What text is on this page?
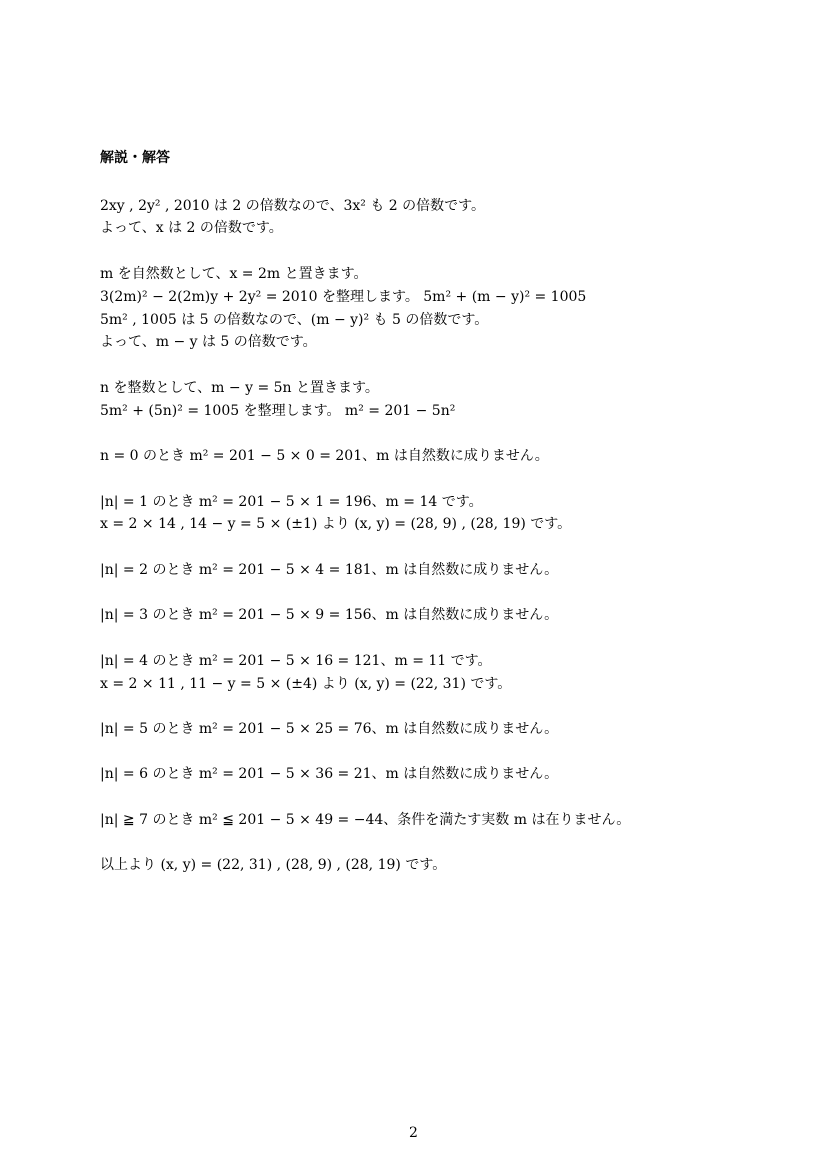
解説・解答
2xy , 2y² , 2010 は 2 の倍数なので、3x² も 2 の倍数です。
よって、x は 2 の倍数です。
m を自然数として、x = 2m と置きます。
3(2m)² − 2(2m)y + 2y² = 2010 を整理します。 5m² + (m − y)² = 1005
5m² , 1005 は 5 の倍数なので、(m − y)² も 5 の倍数です。
よって、m − y は 5 の倍数です。
n を整数として、m − y = 5n と置きます。
5m² + (5n)² = 1005 を整理します。 m² = 201 − 5n²
n = 0 のとき m² = 201 − 5 × 0 = 201、m は自然数に成りません。
|n| = 1 のとき m² = 201 − 5 × 1 = 196、m = 14 です。
x = 2 × 14 , 14 − y = 5 × (±1) より (x, y) = (28, 9) , (28, 19) です。
|n| = 2 のとき m² = 201 − 5 × 4 = 181、m は自然数に成りません。
|n| = 3 のとき m² = 201 − 5 × 9 = 156、m は自然数に成りません。
|n| = 4 のとき m² = 201 − 5 × 16 = 121、m = 11 です。
x = 2 × 11 , 11 − y = 5 × (±4) より (x, y) = (22, 31) です。
|n| = 5 のとき m² = 201 − 5 × 25 = 76、m は自然数に成りません。
|n| = 6 のとき m² = 201 − 5 × 36 = 21、m は自然数に成りません。
|n| ≧ 7 のとき m² ≦ 201 − 5 × 49 = −44、条件を満たす実数 m は在りません。
以上より (x, y) = (22, 31) , (28, 9) , (28, 19) です。
2
